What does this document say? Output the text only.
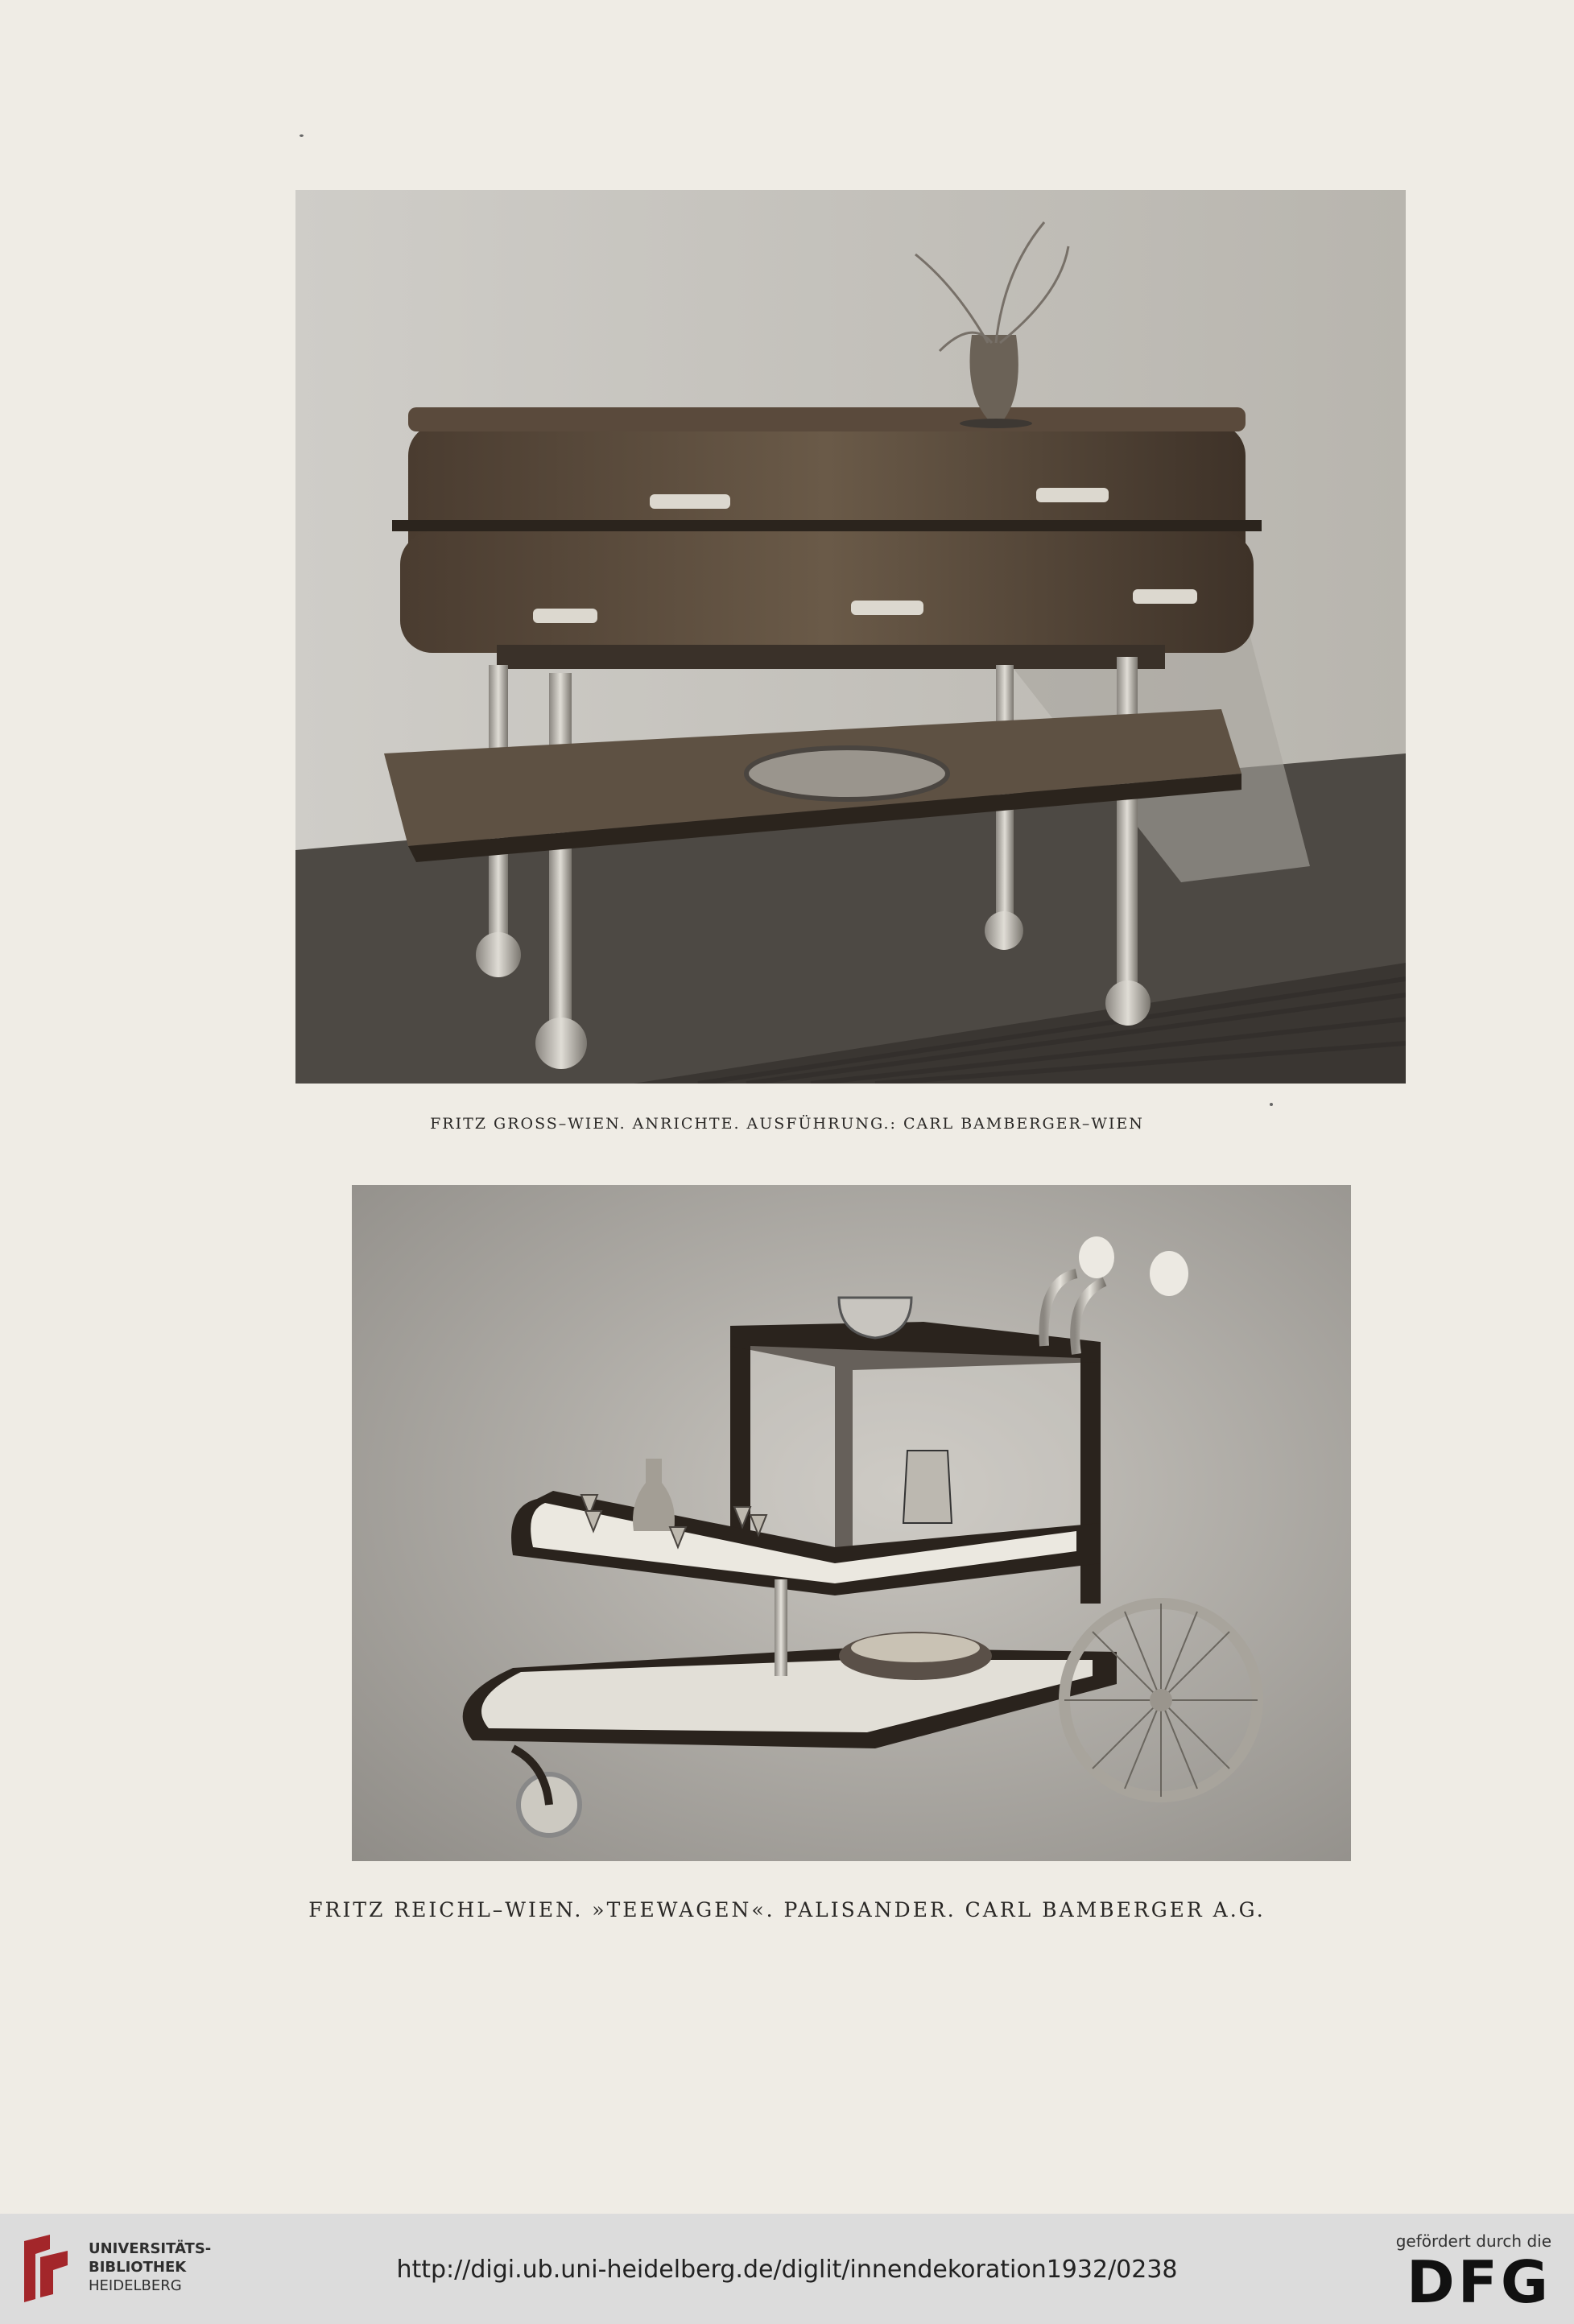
FRITZ GROSS–WIEN. ANRICHTE. AUSFÜHRUNG.: CARL BAMBERGER–WIEN
FRITZ REICHL–WIEN. »TEEWAGEN«. PALISANDER. CARL BAMBERGER A.G.
UNIVERSITÄTS-
BIBLIOTHEK
HEIDELBERG
http://digi.ub.uni-heidelberg.de/diglit/innendekoration1932/0238
gefördert durch die
DFG
